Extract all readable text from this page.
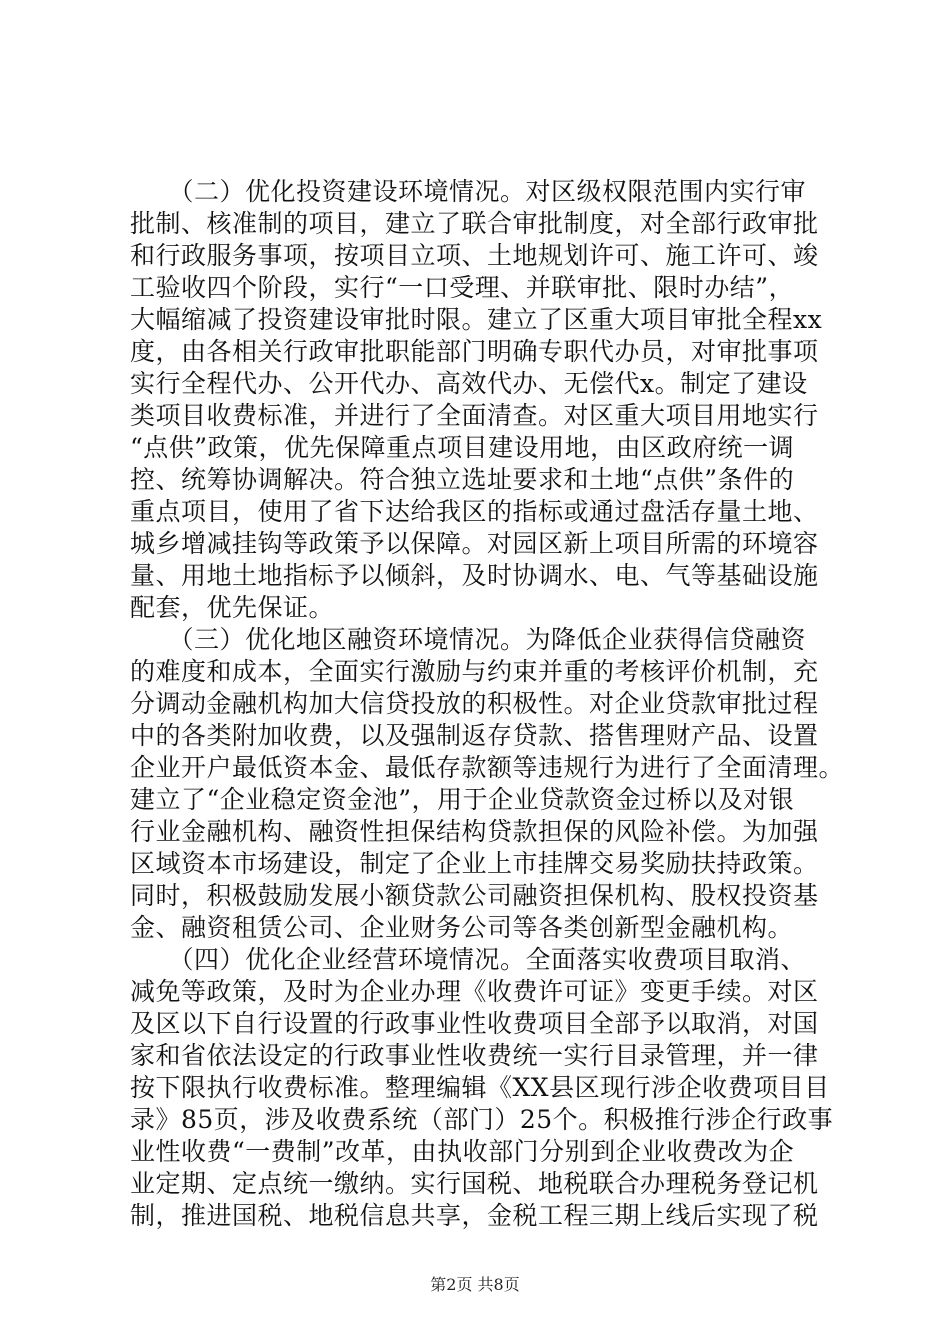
　　（二）优化投资建设环境情况。对区级权限范围内实行审
批制、核准制的项目，建立了联合审批制度，对全部行政审批
和行政服务事项，按项目立项、土地规划许可、施工许可、竣
工验收四个阶段，实行“一口受理、并联审批、限时办结”，
大幅缩减了投资建设审批时限。建立了区重大项目审批全程xx
度，由各相关行政审批职能部门明确专职代办员，对审批事项
实行全程代办、公开代办、高效代办、无偿代x。制定了建设
类项目收费标准，并进行了全面清查。对区重大项目用地实行
“点供”政策，优先保障重点项目建设用地，由区政府统一调
控、统筹协调解决。符合独立选址要求和土地“点供”条件的
重点项目，使用了省下达给我区的指标或通过盘活存量土地、
城乡增减挂钩等政策予以保障。对园区新上项目所需的环境容
量、用地土地指标予以倾斜，及时协调水、电、气等基础设施
配套，优先保证。
　　（三）优化地区融资环境情况。为降低企业获得信贷融资
的难度和成本，全面实行激励与约束并重的考核评价机制，充
分调动金融机构加大信贷投放的积极性。对企业贷款审批过程
中的各类附加收费，以及强制返存贷款、搭售理财产品、设置
企业开户最低资本金、最低存款额等违规行为进行了全面清理。
建立了“企业稳定资金池”，用于企业贷款资金过桥以及对银
行业金融机构、融资性担保结构贷款担保的风险补偿。为加强
区域资本市场建设，制定了企业上市挂牌交易奖励扶持政策。
同时，积极鼓励发展小额贷款公司融资担保机构、股权投资基
金、融资租赁公司、企业财务公司等各类创新型金融机构。
　　（四）优化企业经营环境情况。全面落实收费项目取消、
减免等政策，及时为企业办理《收费许可证》变更手续。对区
及区以下自行设置的行政事业性收费项目全部予以取消，对国
家和省依法设定的行政事业性收费统一实行目录管理，并一律
按下限执行收费标准。整理编辑《XX县区现行涉企收费项目目
录》85页，涉及收费系统（部门）25个。积极推行涉企行政事
业性收费“一费制”改革，由执收部门分别到企业收费改为企
业定期、定点统一缴纳。实行国税、地税联合办理税务登记机
制，推进国税、地税信息共享，金税工程三期上线后实现了税
第2页 共8页
